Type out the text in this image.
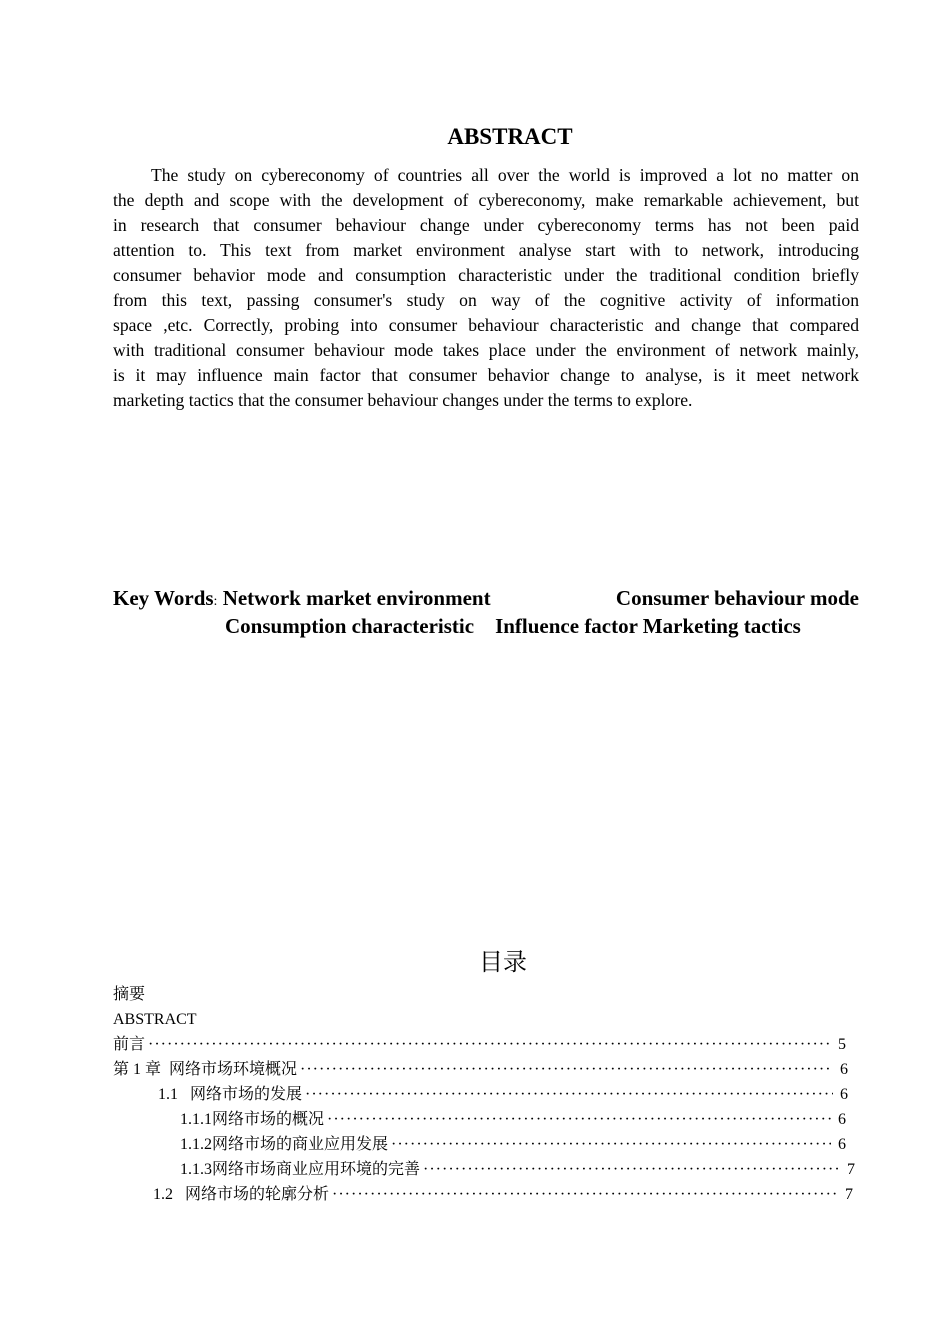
ABSTRACT
The study on cybereconomy of countries all over the world is improved a lot no matter on
the depth and scope with the development of cybereconomy, make remarkable achievement, but
in research that consumer behaviour change under cybereconomy terms has not been paid
attention to. This text from market environment analyse start with to network, introducing
consumer behavior mode and consumption characteristic under the traditional condition briefly
from this text, passing consumer's study on way of the cognitive activity of information
space ,etc. Correctly, probing into consumer behaviour characteristic and change that compared
with traditional consumer behaviour mode takes place under the environment of network mainly,
is it may influence main factor that consumer behavior change to analyse, is it meet network
marketing tactics that the consumer behaviour changes under the terms to explore.
Key Words: Network market environment	Consumer behaviour mode
Consumption characteristic Influence factor Marketing tactics
目录
摘要
ABSTRACT
前言 ·····	5
第 1 章  网络市场环境概况 ·····	6
1.1   网络市场的发展 ·····	6
1.1.1网络市场的概况 ·····	6
1.1.2网络市场的商业应用发展 ·····	6
1.1.3网络市场商业应用环境的完善 ·····	7
1.2   网络市场的轮廓分析 ·····	7
